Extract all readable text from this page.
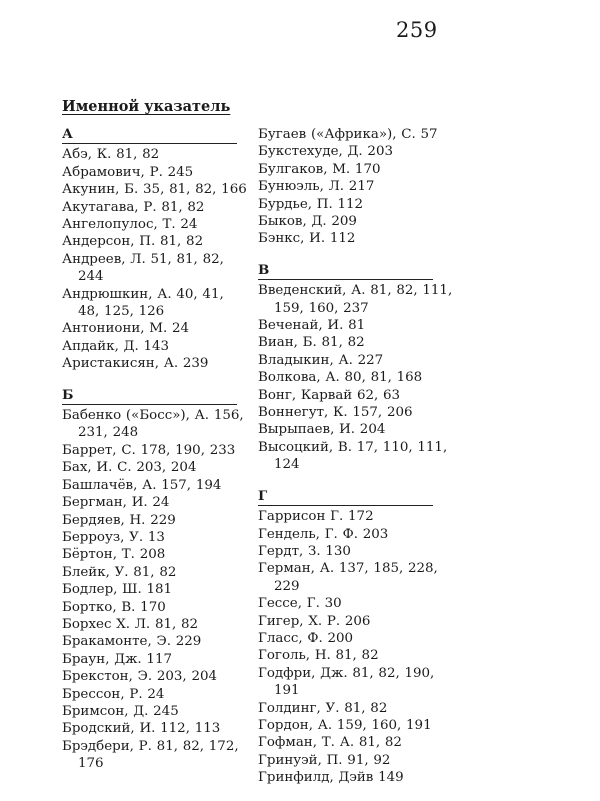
259
Именной указатель
А
Абэ, К. 81, 82
Абрамович, Р. 245
Акунин, Б. 35, 81, 82, 166
Акутагава, Р. 81, 82
Ангелопулос, Т. 24
Андерсон, П. 81, 82
Андреев, Л. 51, 81, 82, 244
Андрюшкин, А. 40, 41, 48, 125, 126
Антониони, М. 24
Апдайк, Д. 143
Аристакисян, А. 239
Б
Бабенко («Босс»), А. 156, 231, 248
Баррет, С. 178, 190, 233
Бах, И. С. 203, 204
Башлачёв, А. 157, 194
Бергман, И. 24
Бердяев, Н. 229
Берроуз, У. 13
Бёртон, Т. 208
Блейк, У. 81, 82
Бодлер, Ш. 181
Бортко, В. 170
Борхес Х. Л. 81, 82
Бракамонте, Э. 229
Браун, Дж. 117
Брекстон, Э. 203, 204
Брессон, Р. 24
Бримсон, Д. 245
Бродский, И. 112, 113
Брэдбери, Р. 81, 82, 172, 176
Бугаев («Африка»), С. 57
Букстехуде, Д. 203
Булгаков, М. 170
Бунюэль, Л. 217
Бурдье, П. 112
Быков, Д. 209
Бэнкс, И. 112
В
Введенский, А. 81, 82, 111, 159, 160, 237
Веченай, И. 81
Виан, Б. 81, 82
Владыкин, А. 227
Волкова, А. 80, 81, 168
Вонг, Карвай 62, 63
Воннегут, К. 157, 206
Вырыпаев, И. 204
Высоцкий, В. 17, 110, 111, 124
Г
Гаррисон Г. 172
Гендель, Г. Ф. 203
Гердт, З. 130
Герман, А. 137, 185, 228, 229
Гессе, Г. 30
Гигер, Х. Р. 206
Гласс, Ф. 200
Гоголь, Н. 81, 82
Годфри, Дж. 81, 82, 190, 191
Голдинг, У. 81, 82
Гордон, А. 159, 160, 191
Гофман, Т. А. 81, 82
Гринуэй, П. 91, 92
Гринфилд, Дэйв 149
